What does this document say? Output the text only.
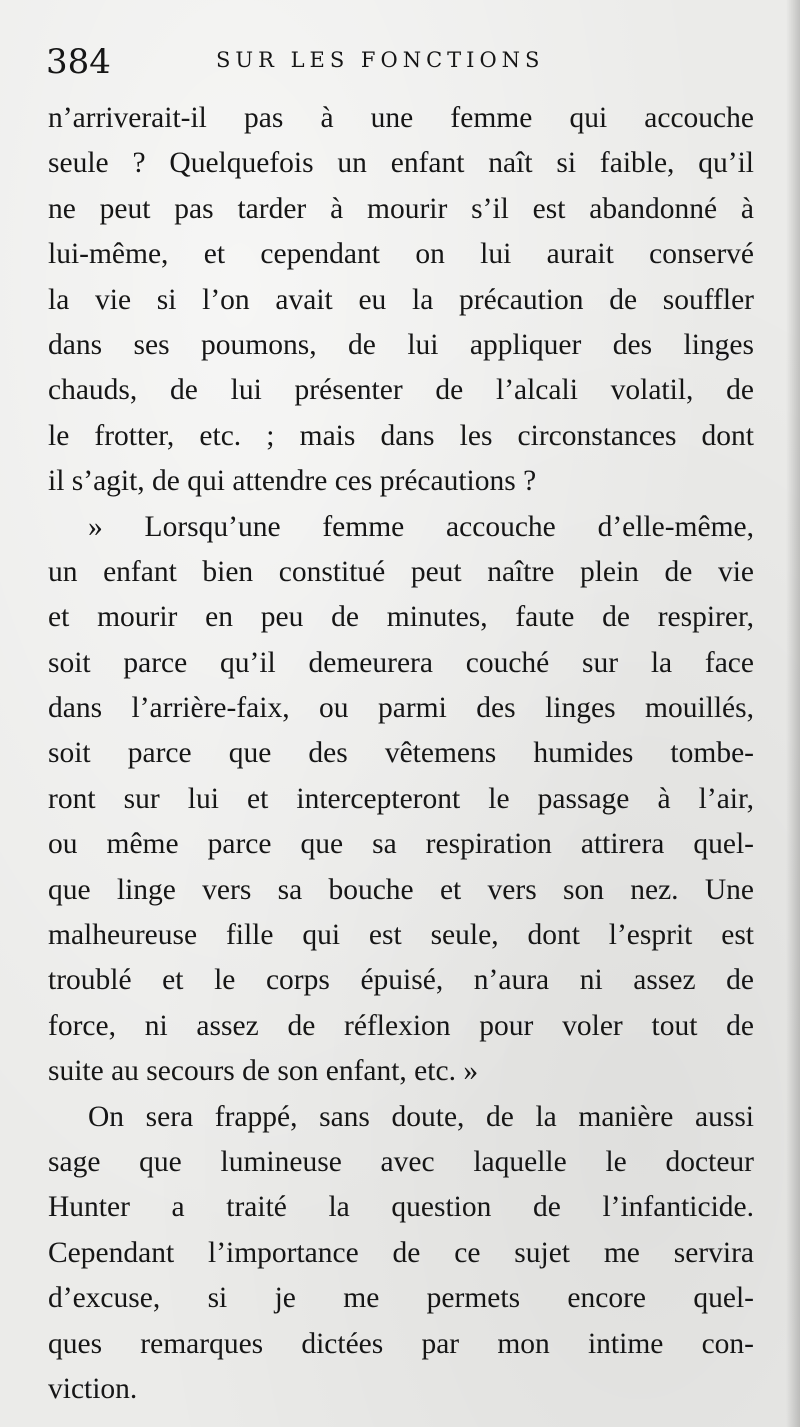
384	SUR LES FONCTIONS
n’arriverait-il pas à une femme qui accouche
seule ? Quelquefois un enfant naît si faible, qu’il
ne peut pas tarder à mourir s’il est abandonné à
lui-même, et cependant on lui aurait conservé
la vie si l’on avait eu la précaution de souffler
dans ses poumons, de lui appliquer des linges
chauds, de lui présenter de l’alcali volatil, de
le frotter, etc. ; mais dans les circonstances dont
il s’agit, de qui attendre ces précautions ?
» Lorsqu’une femme accouche d’elle-même,
un enfant bien constitué peut naître plein de vie
et mourir en peu de minutes, faute de respirer,
soit parce qu’il demeurera couché sur la face
dans l’arrière-faix, ou parmi des linges mouillés,
soit parce que des vêtemens humides tombe-
ront sur lui et intercepteront le passage à l’air,
ou même parce que sa respiration attirera quel-
que linge vers sa bouche et vers son nez. Une
malheureuse fille qui est seule, dont l’esprit est
troublé et le corps épuisé, n’aura ni assez de
force, ni assez de réflexion pour voler tout de
suite au secours de son enfant, etc. »
On sera frappé, sans doute, de la manière aussi
sage que lumineuse avec laquelle le docteur
Hunter a traité la question de l’infanticide.
Cependant l’importance de ce sujet me servira
d’excuse, si je me permets encore quel-
ques remarques dictées par mon intime con-
viction.
